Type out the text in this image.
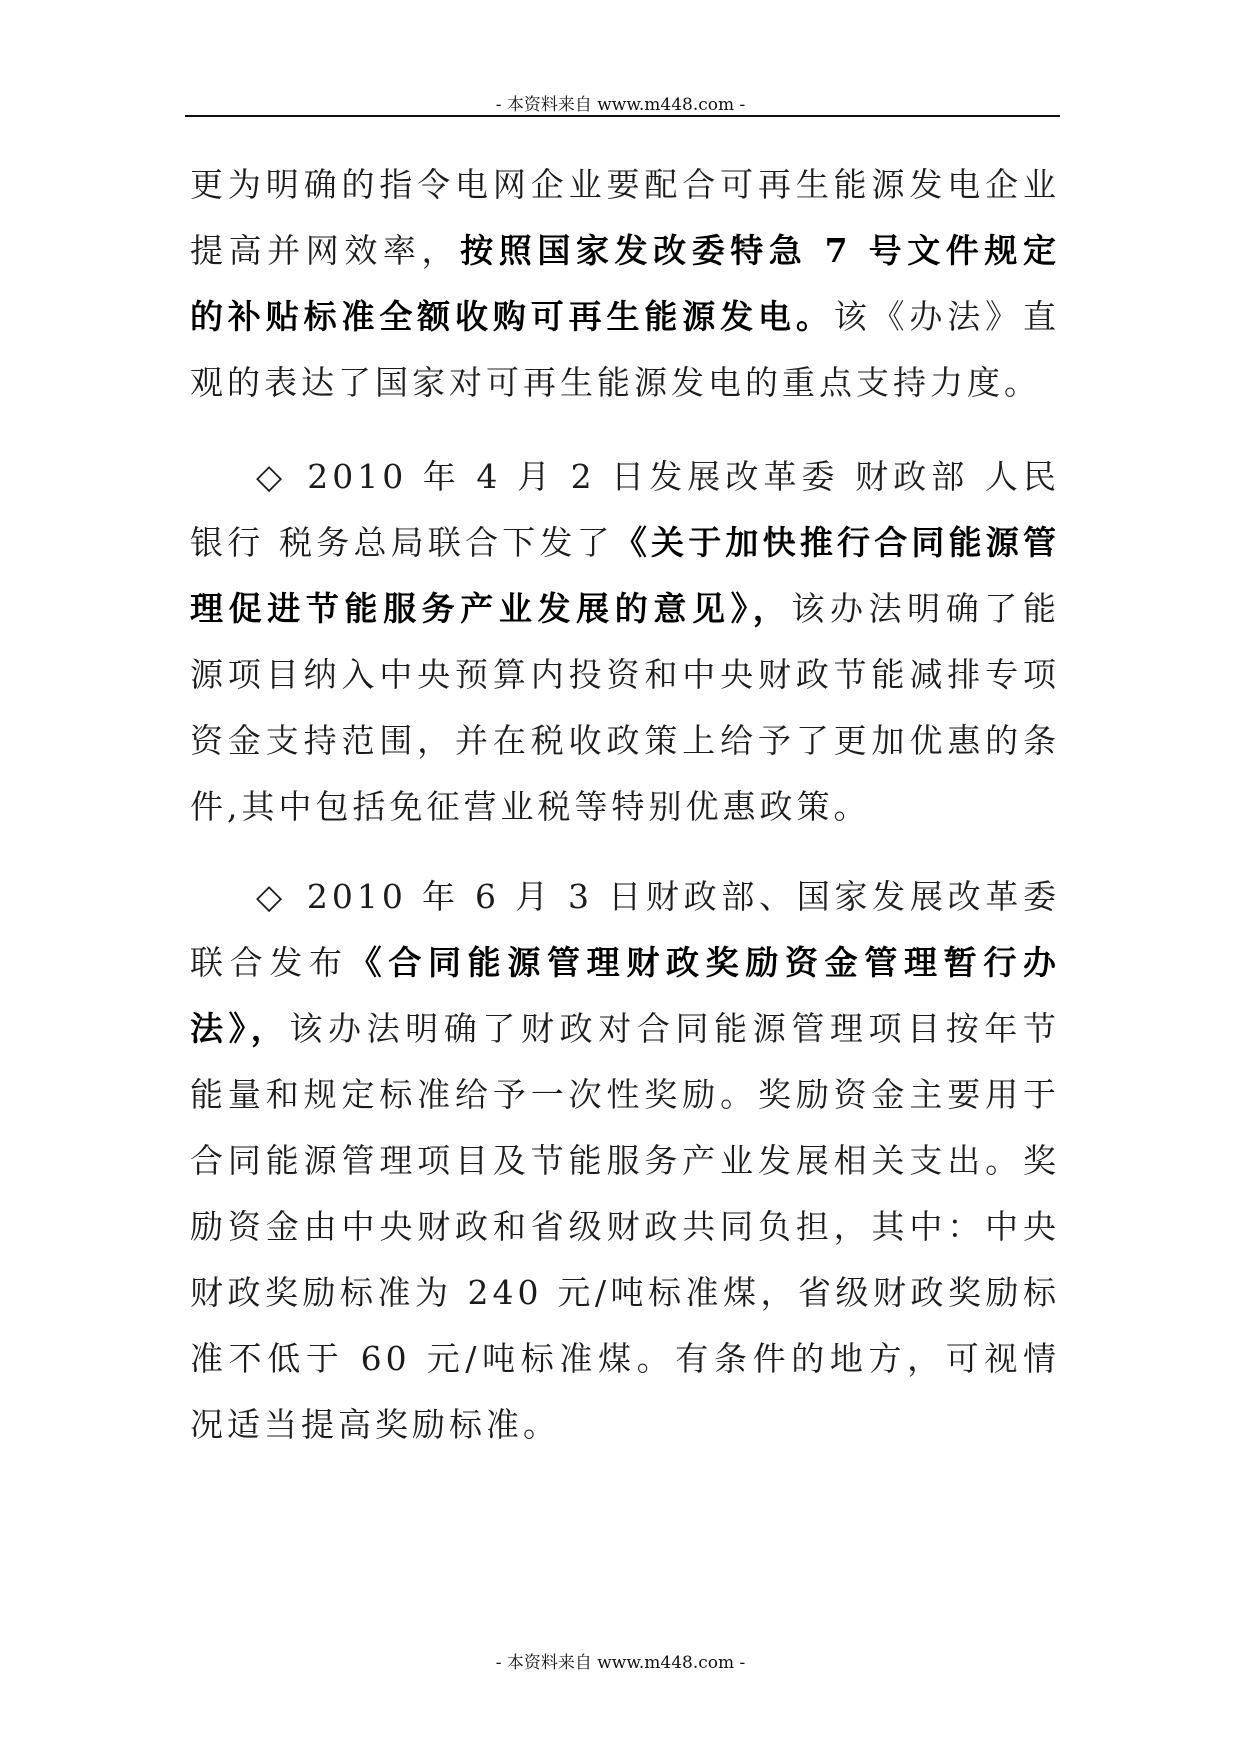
- 本资料来自 www.m448.com -

更为明确的指令电网企业要配合可再生能源发电企业提高并网效率，按照国家发改委特急 7 号文件规定的补贴标准全额收购可再生能源发电。该《办法》直观的表达了国家对可再生能源发电的重点支持力度。

◇2010 年 4 月 2 日发展改革委 财政部 人民银行 税务总局联合下发了《关于加快推行合同能源管理促进节能服务产业发展的意见》，该办法明确了能源项目纳入中央预算内投资和中央财政节能减排专项资金支持范围，并在税收政策上给予了更加优惠的条件,其中包括免征营业税等特别优惠政策。

◇2010 年 6 月 3 日财政部、国家发展改革委联合发布《合同能源管理财政奖励资金管理暂行办法》，该办法明确了财政对合同能源管理项目按年节能量和规定标准给予一次性奖励。奖励资金主要用于合同能源管理项目及节能服务产业发展相关支出。奖励资金由中央财政和省级财政共同负担，其中：中央财政奖励标准为 240 元/吨标准煤，省级财政奖励标准不低于 60 元/吨标准煤。有条件的地方，可视情况适当提高奖励标准。

- 本资料来自 www.m448.com -
